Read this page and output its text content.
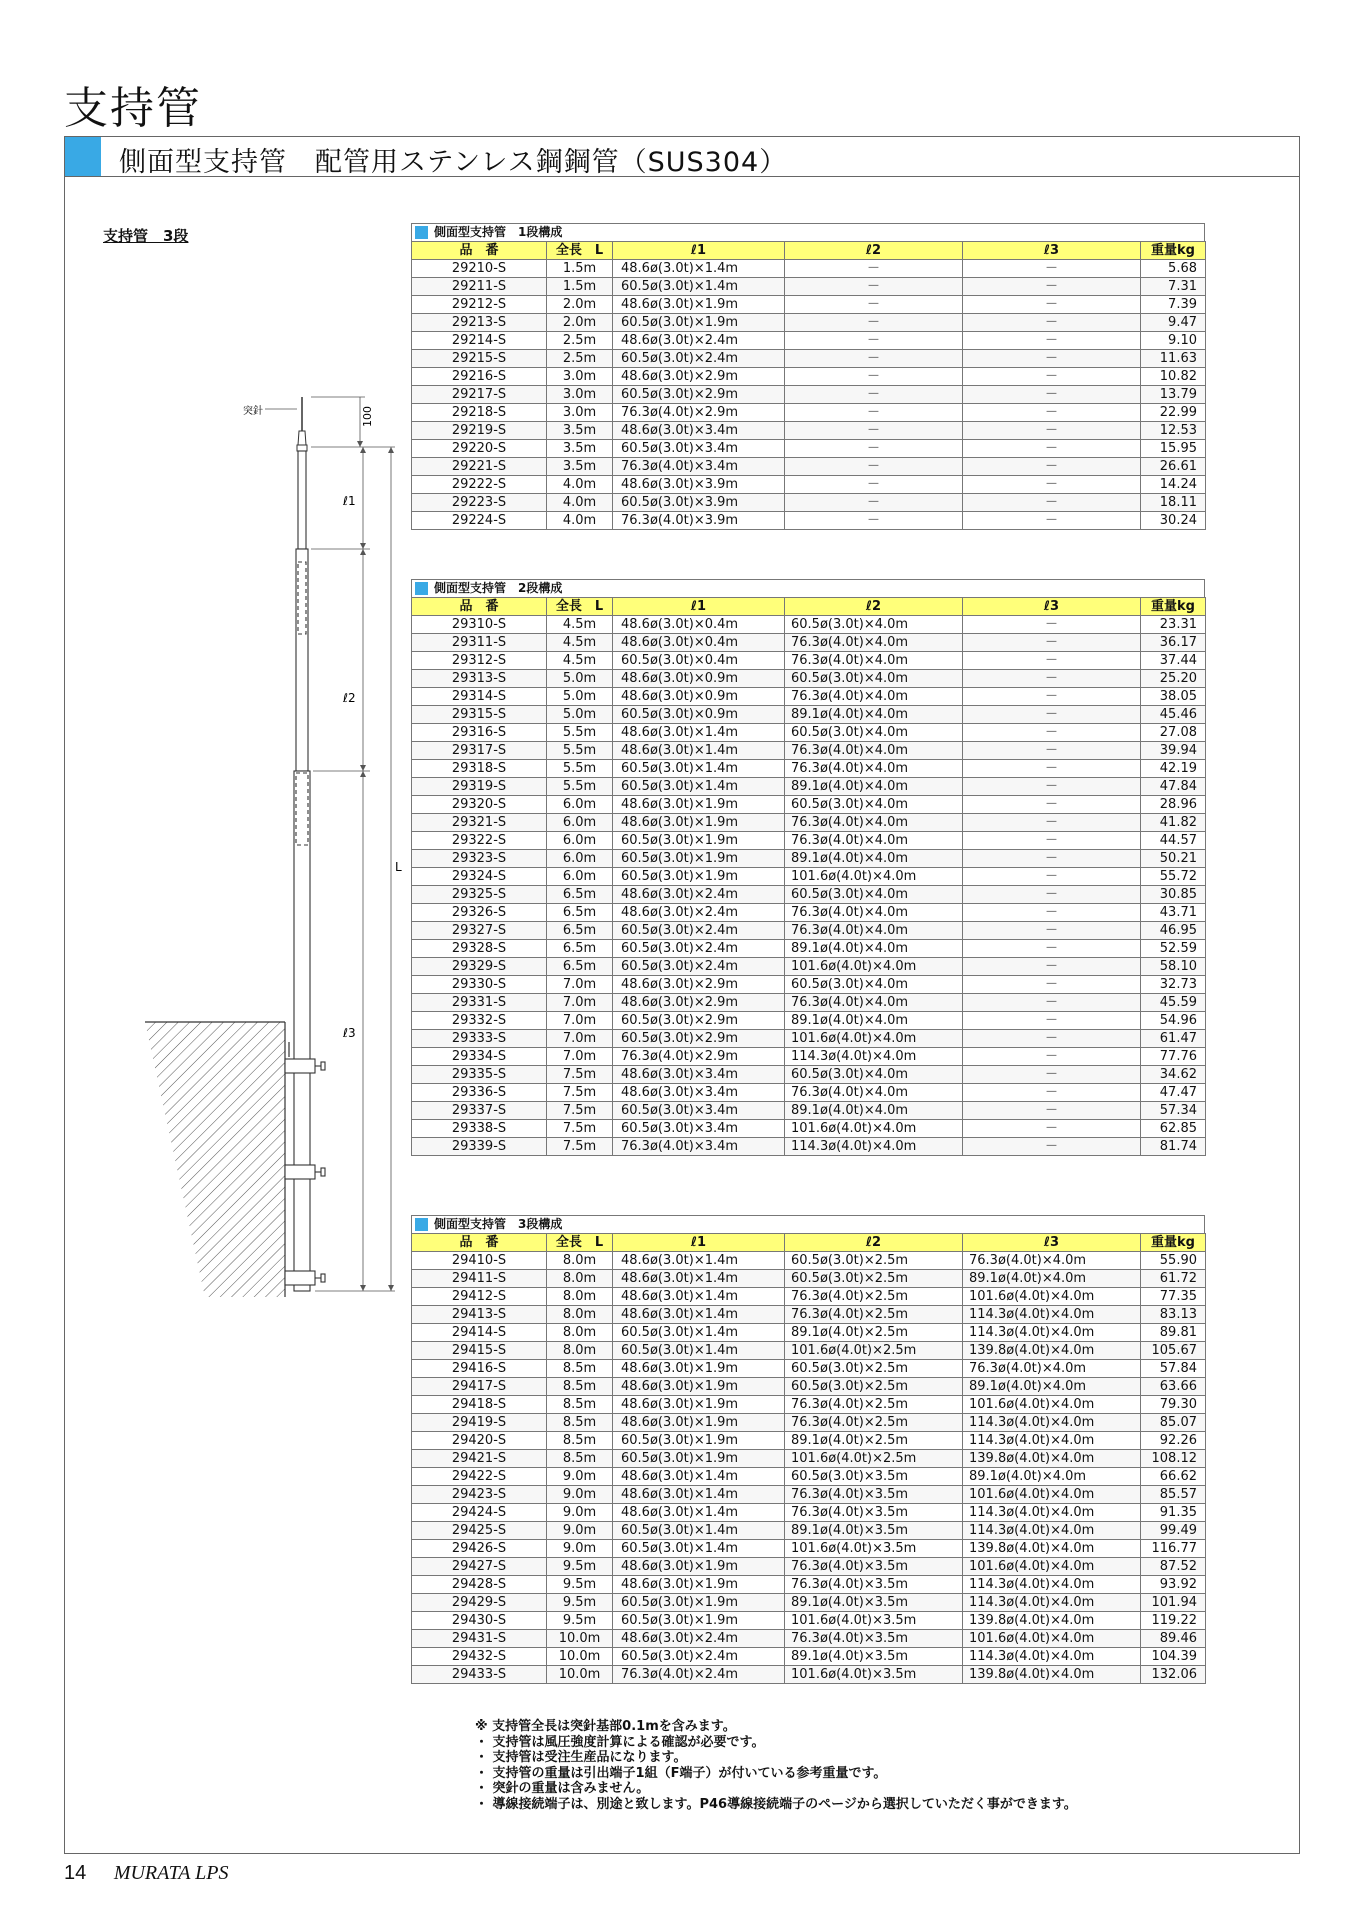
支持管
側面型支持管　配管用ステンレス鋼鋼管（SUS304）
支持管　3段
突針	100
ℓ1
ℓ2
L
ℓ3
※ 支持管全長は突針基部0.1mを含みます。
・ 支持管は風圧強度計算による確認が必要です。
・ 支持管は受注生産品になります。
・ 支持管の重量は引出端子1組（F端子）が付いている参考重量です。
・ 突針の重量は含みません。
・ 導線接続端子は、別途と致します。P46導線接続端子のページから選択していただく事ができます。
側面型支持管　1段構成
品　番	全長　L	ℓ1	ℓ2	ℓ3	重量kg
29210-S	1.5m	48.6ø(3.0t)×1.4m	－	－	5.68
29211-S	1.5m	60.5ø(3.0t)×1.4m	－	－	7.31
29212-S	2.0m	48.6ø(3.0t)×1.9m	－	－	7.39
29213-S	2.0m	60.5ø(3.0t)×1.9m	－	－	9.47
29214-S	2.5m	48.6ø(3.0t)×2.4m	－	－	9.10
29215-S	2.5m	60.5ø(3.0t)×2.4m	－	－	11.63
29216-S	3.0m	48.6ø(3.0t)×2.9m	－	－	10.82
29217-S	3.0m	60.5ø(3.0t)×2.9m	－	－	13.79
29218-S	3.0m	76.3ø(4.0t)×2.9m	－	－	22.99
29219-S	3.5m	48.6ø(3.0t)×3.4m	－	－	12.53
29220-S	3.5m	60.5ø(3.0t)×3.4m	－	－	15.95
29221-S	3.5m	76.3ø(4.0t)×3.4m	－	－	26.61
29222-S	4.0m	48.6ø(3.0t)×3.9m	－	－	14.24
29223-S	4.0m	60.5ø(3.0t)×3.9m	－	－	18.11
29224-S	4.0m	76.3ø(4.0t)×3.9m	－	－	30.24
側面型支持管　2段構成
品　番	全長　L	ℓ1	ℓ2	ℓ3	重量kg
29310-S	4.5m	48.6ø(3.0t)×0.4m	60.5ø(3.0t)×4.0m	－	23.31
29311-S	4.5m	48.6ø(3.0t)×0.4m	76.3ø(4.0t)×4.0m	－	36.17
29312-S	4.5m	60.5ø(3.0t)×0.4m	76.3ø(4.0t)×4.0m	－	37.44
29313-S	5.0m	48.6ø(3.0t)×0.9m	60.5ø(3.0t)×4.0m	－	25.20
29314-S	5.0m	48.6ø(3.0t)×0.9m	76.3ø(4.0t)×4.0m	－	38.05
29315-S	5.0m	60.5ø(3.0t)×0.9m	89.1ø(4.0t)×4.0m	－	45.46
29316-S	5.5m	48.6ø(3.0t)×1.4m	60.5ø(3.0t)×4.0m	－	27.08
29317-S	5.5m	48.6ø(3.0t)×1.4m	76.3ø(4.0t)×4.0m	－	39.94
29318-S	5.5m	60.5ø(3.0t)×1.4m	76.3ø(4.0t)×4.0m	－	42.19
29319-S	5.5m	60.5ø(3.0t)×1.4m	89.1ø(4.0t)×4.0m	－	47.84
29320-S	6.0m	48.6ø(3.0t)×1.9m	60.5ø(3.0t)×4.0m	－	28.96
29321-S	6.0m	48.6ø(3.0t)×1.9m	76.3ø(4.0t)×4.0m	－	41.82
29322-S	6.0m	60.5ø(3.0t)×1.9m	76.3ø(4.0t)×4.0m	－	44.57
29323-S	6.0m	60.5ø(3.0t)×1.9m	89.1ø(4.0t)×4.0m	－	50.21
29324-S	6.0m	60.5ø(3.0t)×1.9m	101.6ø(4.0t)×4.0m	－	55.72
29325-S	6.5m	48.6ø(3.0t)×2.4m	60.5ø(3.0t)×4.0m	－	30.85
29326-S	6.5m	48.6ø(3.0t)×2.4m	76.3ø(4.0t)×4.0m	－	43.71
29327-S	6.5m	60.5ø(3.0t)×2.4m	76.3ø(4.0t)×4.0m	－	46.95
29328-S	6.5m	60.5ø(3.0t)×2.4m	89.1ø(4.0t)×4.0m	－	52.59
29329-S	6.5m	60.5ø(3.0t)×2.4m	101.6ø(4.0t)×4.0m	－	58.10
29330-S	7.0m	48.6ø(3.0t)×2.9m	60.5ø(3.0t)×4.0m	－	32.73
29331-S	7.0m	48.6ø(3.0t)×2.9m	76.3ø(4.0t)×4.0m	－	45.59
29332-S	7.0m	60.5ø(3.0t)×2.9m	89.1ø(4.0t)×4.0m	－	54.96
29333-S	7.0m	60.5ø(3.0t)×2.9m	101.6ø(4.0t)×4.0m	－	61.47
29334-S	7.0m	76.3ø(4.0t)×2.9m	114.3ø(4.0t)×4.0m	－	77.76
29335-S	7.5m	48.6ø(3.0t)×3.4m	60.5ø(3.0t)×4.0m	－	34.62
29336-S	7.5m	48.6ø(3.0t)×3.4m	76.3ø(4.0t)×4.0m	－	47.47
29337-S	7.5m	60.5ø(3.0t)×3.4m	89.1ø(4.0t)×4.0m	－	57.34
29338-S	7.5m	60.5ø(3.0t)×3.4m	101.6ø(4.0t)×4.0m	－	62.85
29339-S	7.5m	76.3ø(4.0t)×3.4m	114.3ø(4.0t)×4.0m	－	81.74
側面型支持管　3段構成
品　番	全長　L	ℓ1	ℓ2	ℓ3	重量kg
29410-S	8.0m	48.6ø(3.0t)×1.4m	60.5ø(3.0t)×2.5m	76.3ø(4.0t)×4.0m	55.90
29411-S	8.0m	48.6ø(3.0t)×1.4m	60.5ø(3.0t)×2.5m	89.1ø(4.0t)×4.0m	61.72
29412-S	8.0m	48.6ø(3.0t)×1.4m	76.3ø(4.0t)×2.5m	101.6ø(4.0t)×4.0m	77.35
29413-S	8.0m	48.6ø(3.0t)×1.4m	76.3ø(4.0t)×2.5m	114.3ø(4.0t)×4.0m	83.13
29414-S	8.0m	60.5ø(3.0t)×1.4m	89.1ø(4.0t)×2.5m	114.3ø(4.0t)×4.0m	89.81
29415-S	8.0m	60.5ø(3.0t)×1.4m	101.6ø(4.0t)×2.5m	139.8ø(4.0t)×4.0m	105.67
29416-S	8.5m	48.6ø(3.0t)×1.9m	60.5ø(3.0t)×2.5m	76.3ø(4.0t)×4.0m	57.84
29417-S	8.5m	48.6ø(3.0t)×1.9m	60.5ø(3.0t)×2.5m	89.1ø(4.0t)×4.0m	63.66
29418-S	8.5m	48.6ø(3.0t)×1.9m	76.3ø(4.0t)×2.5m	101.6ø(4.0t)×4.0m	79.30
29419-S	8.5m	48.6ø(3.0t)×1.9m	76.3ø(4.0t)×2.5m	114.3ø(4.0t)×4.0m	85.07
29420-S	8.5m	60.5ø(3.0t)×1.9m	89.1ø(4.0t)×2.5m	114.3ø(4.0t)×4.0m	92.26
29421-S	8.5m	60.5ø(3.0t)×1.9m	101.6ø(4.0t)×2.5m	139.8ø(4.0t)×4.0m	108.12
29422-S	9.0m	48.6ø(3.0t)×1.4m	60.5ø(3.0t)×3.5m	89.1ø(4.0t)×4.0m	66.62
29423-S	9.0m	48.6ø(3.0t)×1.4m	76.3ø(4.0t)×3.5m	101.6ø(4.0t)×4.0m	85.57
29424-S	9.0m	48.6ø(3.0t)×1.4m	76.3ø(4.0t)×3.5m	114.3ø(4.0t)×4.0m	91.35
29425-S	9.0m	60.5ø(3.0t)×1.4m	89.1ø(4.0t)×3.5m	114.3ø(4.0t)×4.0m	99.49
29426-S	9.0m	60.5ø(3.0t)×1.4m	101.6ø(4.0t)×3.5m	139.8ø(4.0t)×4.0m	116.77
29427-S	9.5m	48.6ø(3.0t)×1.9m	76.3ø(4.0t)×3.5m	101.6ø(4.0t)×4.0m	87.52
29428-S	9.5m	48.6ø(3.0t)×1.9m	76.3ø(4.0t)×3.5m	114.3ø(4.0t)×4.0m	93.92
29429-S	9.5m	60.5ø(3.0t)×1.9m	89.1ø(4.0t)×3.5m	114.3ø(4.0t)×4.0m	101.94
29430-S	9.5m	60.5ø(3.0t)×1.9m	101.6ø(4.0t)×3.5m	139.8ø(4.0t)×4.0m	119.22
29431-S	10.0m	48.6ø(3.0t)×2.4m	76.3ø(4.0t)×3.5m	101.6ø(4.0t)×4.0m	89.46
29432-S	10.0m	60.5ø(3.0t)×2.4m	89.1ø(4.0t)×3.5m	114.3ø(4.0t)×4.0m	104.39
29433-S	10.0m	76.3ø(4.0t)×2.4m	101.6ø(4.0t)×3.5m	139.8ø(4.0t)×4.0m	132.06
14 MURATA LPS
